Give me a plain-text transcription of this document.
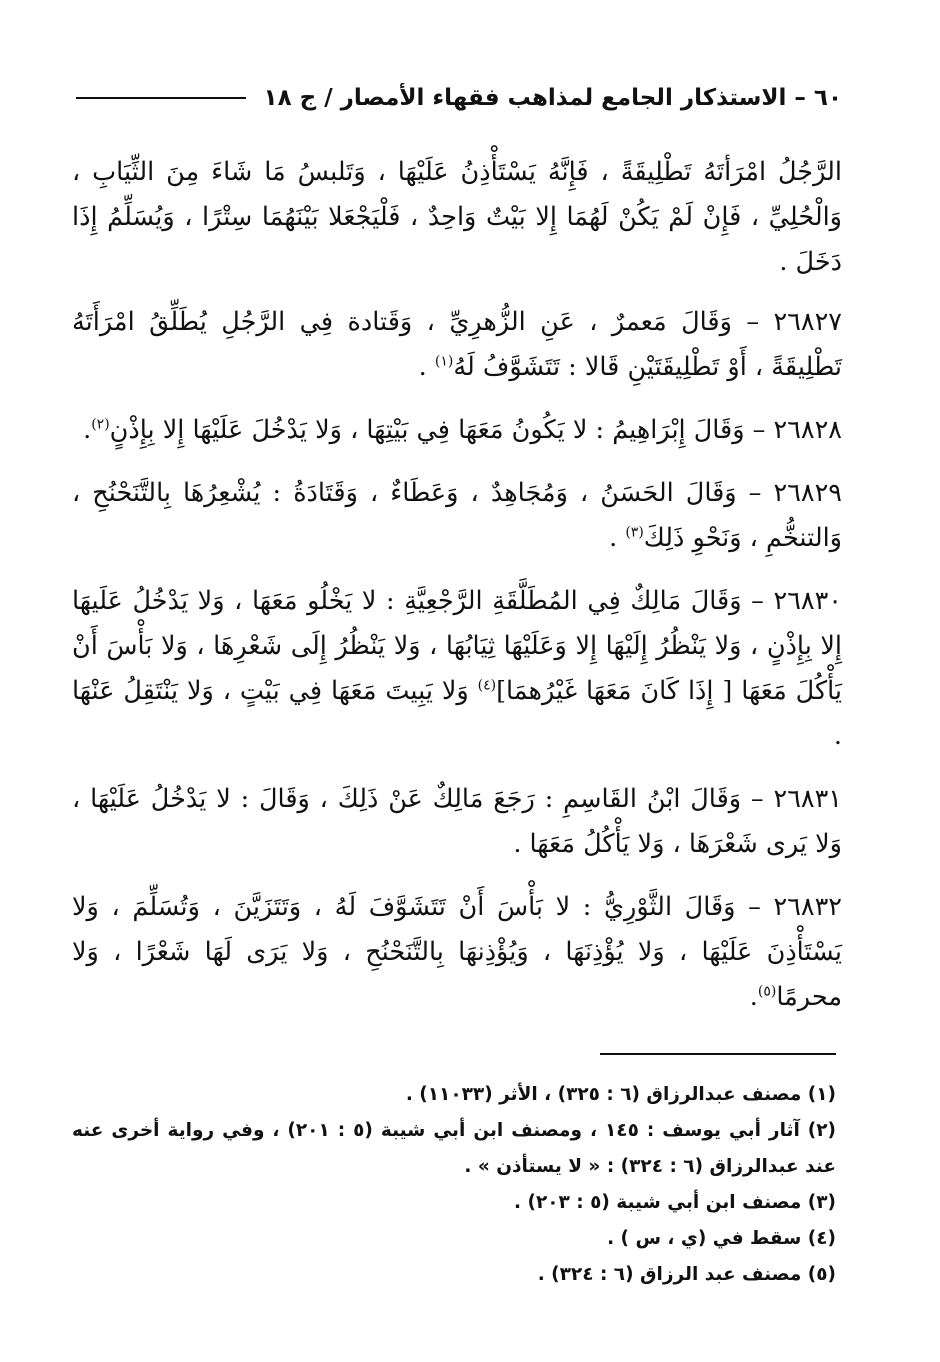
٦٠ – الاستذكار الجامع لمذاهب فقهاء الأمصار / ج ١٨

الرَّجُلُ امْرَأتَهُ تَطْلِيقَةً ، فَإِنَّهُ يَسْتَأْذِنُ عَلَيْهَا ، وَتَلبسُ مَا شَاءَ مِنَ الثِّيَابِ ، وَالْحُلِيِّ ، فَإِنْ لَمْ يَكُنْ لَهُمَا إِلا بَيْتٌ وَاحِدٌ ، فَلْيَجْعَلا بَيْنَهُمَا سِتْرًا ، وَيُسَلِّمُ إِذَا دَخَلَ .

٢٦٨٢٧ – وَقَالَ مَعمرٌ ، عَنِ الزُّهرِيِّ ، وَقَتادة فِي الرَّجُلِ يُطَلِّقُ امْرَأَتَهُ تَطْلِيقَةً ، أَوْ تَطْلِيقَتَيْنِ قَالا : تَتَشَوَّفُ لَهُ$^{(١)}$ .

٢٦٨٢٨ – وَقَالَ إِبْرَاهِيمُ : لا يَكُونُ مَعَهَا فِي بَيْتِهَا ، وَلا يَدْخُلَ عَلَيْهَا إِلا بِإِذْنٍ$^{(٢)}$.

٢٦٨٢٩ – وَقَالَ الحَسَنُ ، وَمُجَاهِدٌ ، وَعَطَاءٌ ، وَقَتَادَةُ : يُشْعِرُهَا بِالتَّنَحْنُحِ ، وَالتنخُّمِ ، وَنَحْوِ ذَلِكَ$^{(٣)}$ .

٢٦٨٣٠ – وَقَالَ مَالِكٌ فِي المُطَلَّقَةِ الرَّجْعِيَّةِ : لا يَخْلُو مَعَهَا ، وَلا يَدْخُلُ عَلَيهَا إِلا بِإِذْنٍ ، وَلا يَنْظُرُ إِلَيْهَا إِلا وَعَلَيْهَا ثِيَابُهَا ، وَلا يَنْظُرُ إِلَى شَعْرِهَا ، وَلا بَأْسَ أَنْ يَأْكُلَ مَعَهَا [ إِذَا كَانَ مَعَهَا غَيْرُهمَا]$^{(٤)}$ وَلا يَبِيتَ مَعَهَا فِي بَيْتٍ ، وَلا يَنْتَقِلُ عَنْهَا .

٢٦٨٣١ – وَقَالَ ابْنُ القَاسِمِ : رَجَعَ مَالِكٌ عَنْ ذَلِكَ ، وَقَالَ : لا يَدْخُلُ عَلَيْهَا ، وَلا يَرى شَعْرَهَا ، وَلا يَأْكُلُ مَعَهَا .

٢٦٨٣٢ – وَقَالَ الثَّوْرِيُّ : لا بَأْسَ أَنْ تَتَشَوَّفَ لَهُ ، وَتَتَزَيَّنَ ، وَتُسَلِّمَ ، وَلا يَسْتَأْذِنَ عَلَيْهَا ، وَلا يُؤْذِنَهَا ، وَيُؤْذِنهَا بِالتَّنَحْنُحِ ، وَلا يَرَى لَهَا شَعْرًا ، وَلا محرمًا$^{(٥)}$.

(١) مصنف عبدالرزاق (٦ : ٣٢٥) ، الأثر (١١٠٣٣) .

(٢) آثار أبي يوسف : ١٤٥ ، ومصنف ابن أبي شيبة (٥ : ٢٠١) ، وفي رواية أخرى عنه عند عبدالرزاق (٦ : ٣٢٤) : « لا يستأذن » .

(٣) مصنف ابن أبي شيبة (٥ : ٢٠٣) .

(٤) سقط في (ي ، س ) .

(٥) مصنف عبد الرزاق (٦ : ٣٢٤) .
